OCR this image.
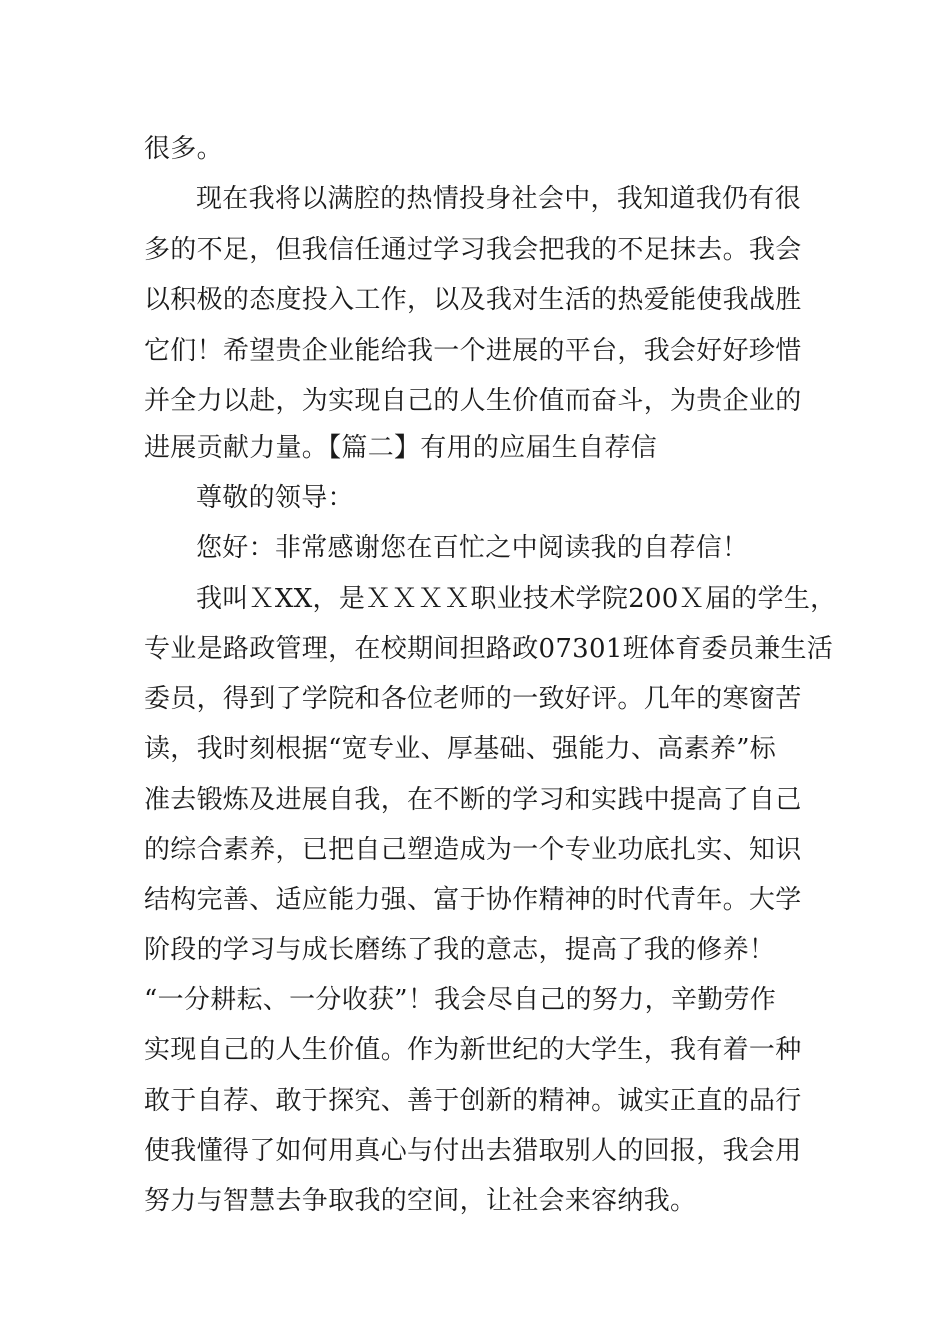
很多。
现在我将以满腔的热情投身社会中，我知道我仍有很
多的不足，但我信任通过学习我会把我的不足抹去。我会
以积极的态度投入工作，以及我对生活的热爱能使我战胜
它们！希望贵企业能给我一个进展的平台，我会好好珍惜
并全力以赴，为实现自己的人生价值而奋斗，为贵企业的
进展贡献力量。【篇二】有用的应届生自荐信
尊敬的领导：
您好：非常感谢您在百忙之中阅读我的自荐信！
我叫ＸXX，是ＸＸＸＸ职业技术学院200Ｘ届的学生，
专业是路政管理，在校期间担路政07301班体育委员兼生活
委员，得到了学院和各位老师的一致好评。几年的寒窗苦
读，我时刻根据“宽专业、厚基础、强能力、高素养”标
准去锻炼及进展自我，在不断的学习和实践中提高了自己
的综合素养，已把自己塑造成为一个专业功底扎实、知识
结构完善、适应能力强、富于协作精神的时代青年。大学
阶段的学习与成长磨练了我的意志，提高了我的修养！
“一分耕耘、一分收获”！我会尽自己的努力，辛勤劳作
实现自己的人生价值。作为新世纪的大学生，我有着一种
敢于自荐、敢于探究、善于创新的精神。诚实正直的品行
使我懂得了如何用真心与付出去猎取别人的回报，我会用
努力与智慧去争取我的空间，让社会来容纳我。
